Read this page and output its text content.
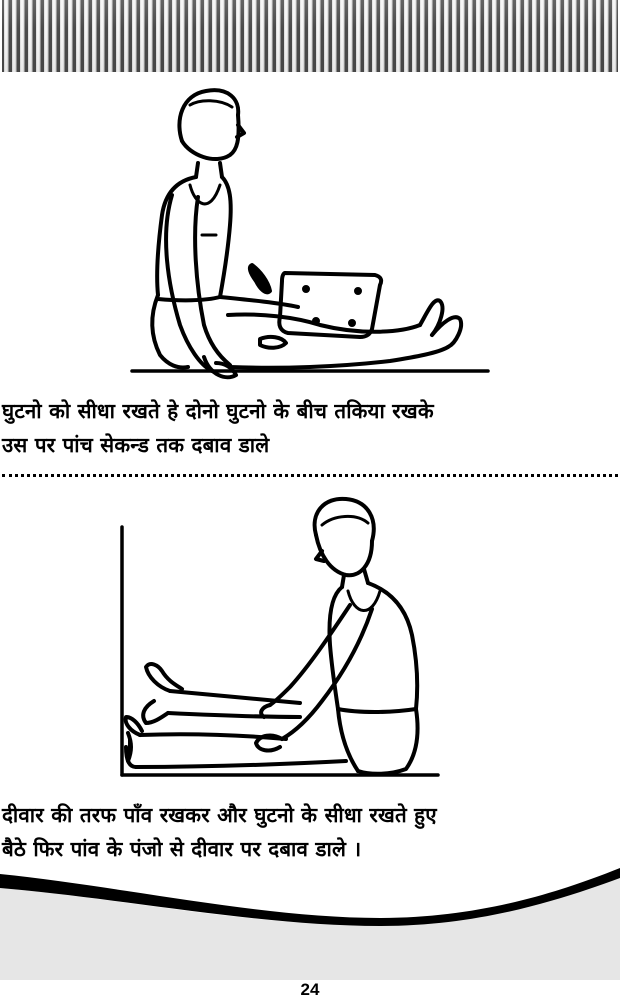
घुटनो को सीधा रखते हे दोनो घुटनो के बीच तकिया रखके
उस पर पांच सेकन्ड तक दबाव डाले
दीवार की तरफ पाँव रखकर और घुटनो के सीधा रखते हुए
बैठे फिर पांव के पंजो से दीवार पर दबाव डाले ।
24
